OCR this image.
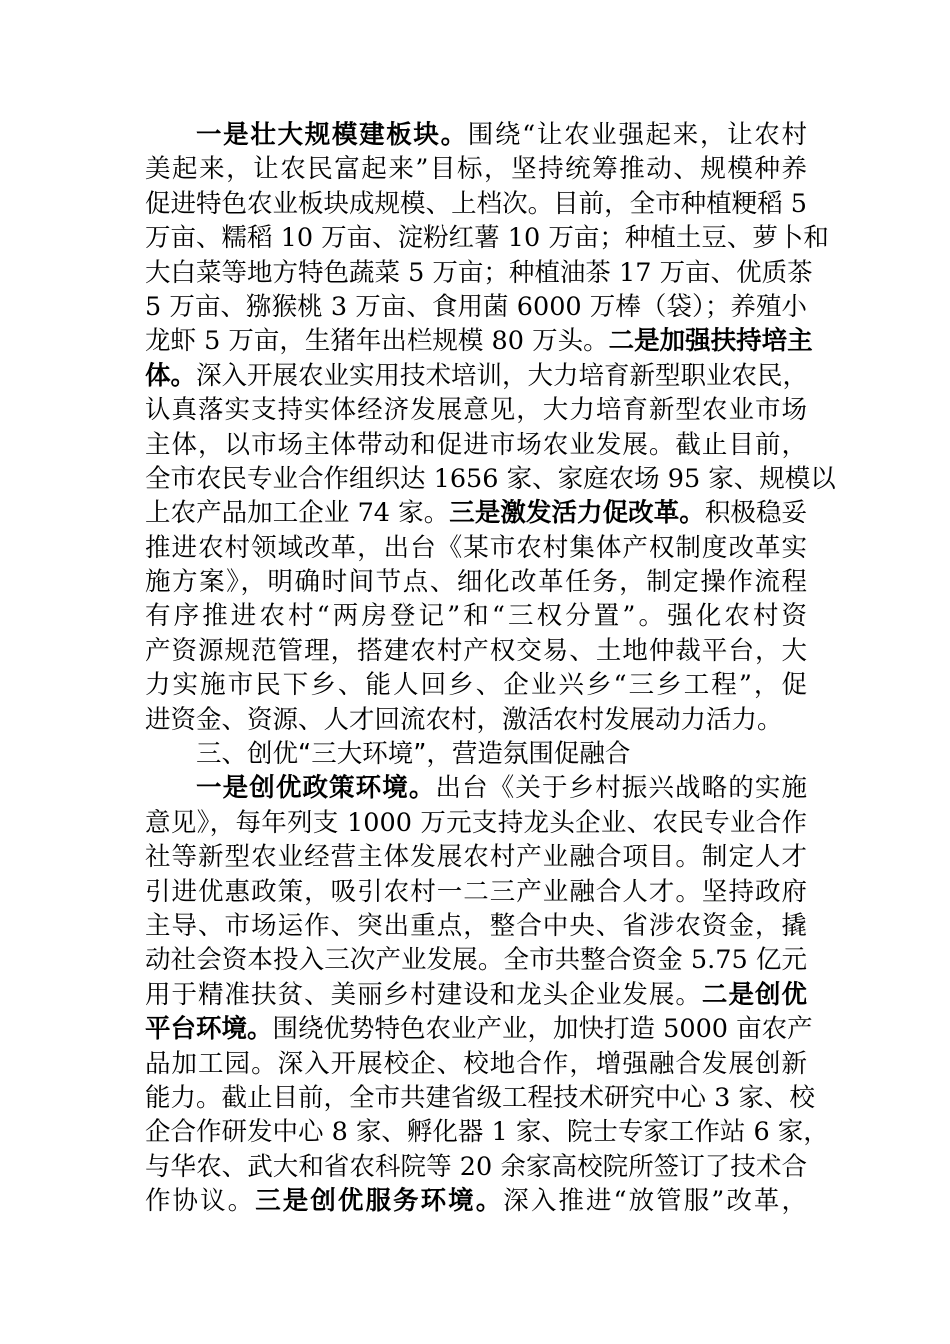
一是壮大规模建板块。围绕“让农业强起来，让农村
美起来，让农民富起来”目标，坚持统筹推动、规模种养
促进特色农业板块成规模、上档次。目前，全市种植粳稻 5
万亩、糯稻 10 万亩、淀粉红薯 10 万亩；种植土豆、萝卜和
大白菜等地方特色蔬菜 5 万亩；种植油茶 17 万亩、优质茶
5 万亩、猕猴桃 3 万亩、食用菌 6000 万棒（袋）；养殖小
龙虾 5 万亩，生猪年出栏规模 80 万头。二是加强扶持培主
体。深入开展农业实用技术培训，大力培育新型职业农民，
认真落实支持实体经济发展意见，大力培育新型农业市场
主体，以市场主体带动和促进市场农业发展。截止目前，
全市农民专业合作组织达 1656 家、家庭农场 95 家、规模以
上农产品加工企业 74 家。三是激发活力促改革。积极稳妥
推进农村领域改革，出台《某市农村集体产权制度改革实
施方案》，明确时间节点、细化改革任务，制定操作流程
有序推进农村“两房登记”和“三权分置”。强化农村资
产资源规范管理，搭建农村产权交易、土地仲裁平台，大
力实施市民下乡、能人回乡、企业兴乡“三乡工程”，促
进资金、资源、人才回流农村，激活农村发展动力活力。
三、创优“三大环境”，营造氛围促融合
一是创优政策环境。出台《关于乡村振兴战略的实施
意见》，每年列支 1000 万元支持龙头企业、农民专业合作
社等新型农业经营主体发展农村产业融合项目。制定人才
引进优惠政策，吸引农村一二三产业融合人才。坚持政府
主导、市场运作、突出重点，整合中央、省涉农资金，撬
动社会资本投入三次产业发展。全市共整合资金 5.75 亿元
用于精准扶贫、美丽乡村建设和龙头企业发展。二是创优
平台环境。围绕优势特色农业产业，加快打造 5000 亩农产
品加工园。深入开展校企、校地合作，增强融合发展创新
能力。截止目前，全市共建省级工程技术研究中心 3 家、校
企合作研发中心 8 家、孵化器 1 家、院士专家工作站 6 家，
与华农、武大和省农科院等 20 余家高校院所签订了技术合
作协议。三是创优服务环境。深入推进“放管服”改革，
